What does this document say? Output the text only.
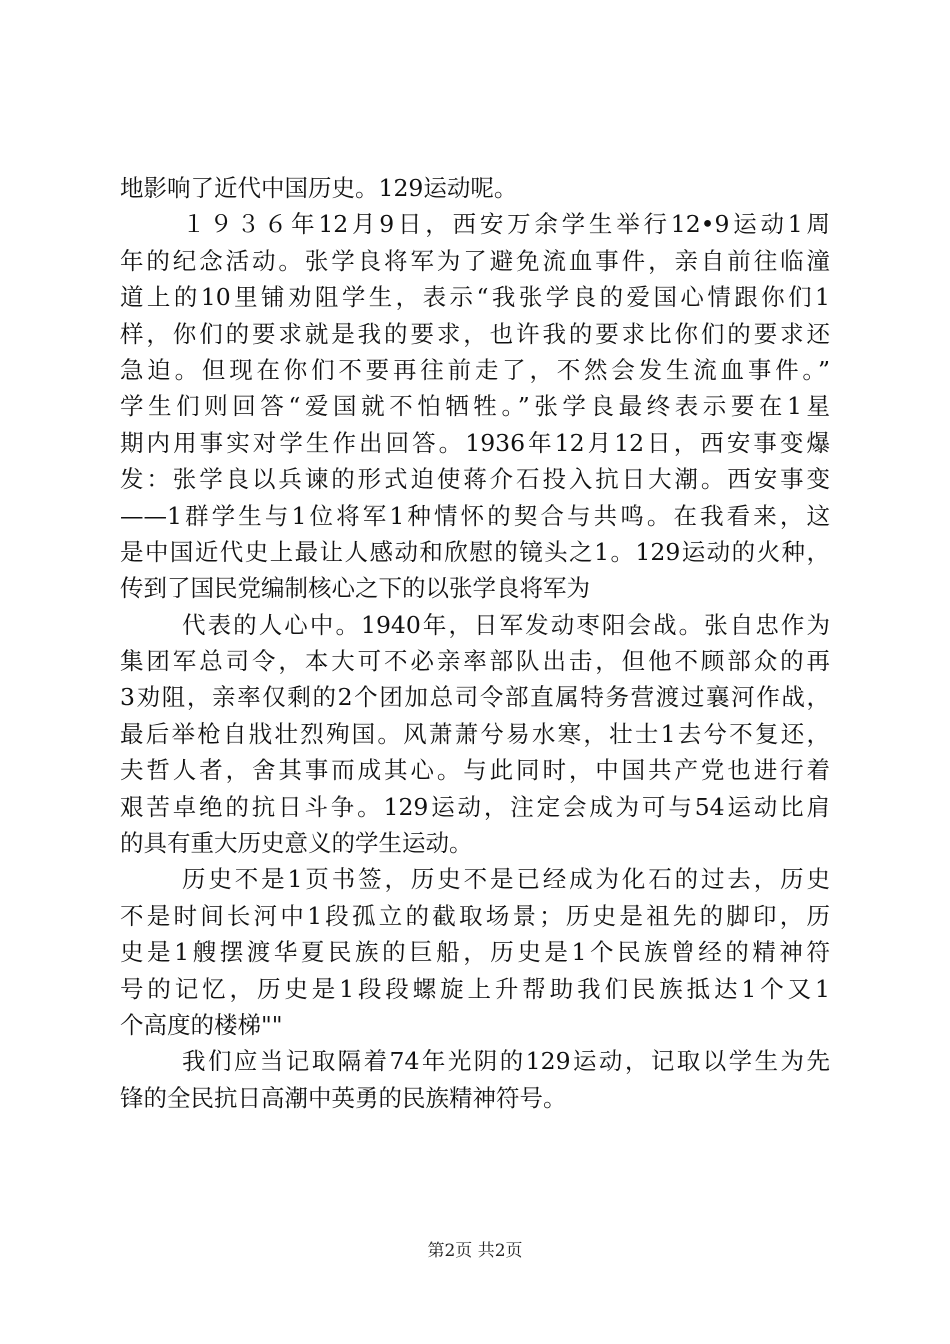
地影响了近代中国历史。129运动呢。
１９３６年12月9日，西安万余学生举行12•9运动1周
年的纪念活动。张学良将军为了避免流血事件，亲自前往临潼
道上的10里铺劝阻学生，表示“我张学良的爱国心情跟你们1
样，你们的要求就是我的要求，也许我的要求比你们的要求还
急迫。但现在你们不要再往前走了，不然会发生流血事件。”
学生们则回答“爱国就不怕牺牲。”张学良最终表示要在1星
期内用事实对学生作出回答。1936年12月12日，西安事变爆
发：张学良以兵谏的形式迫使蒋介石投入抗日大潮。西安事变
——1群学生与1位将军1种情怀的契合与共鸣。在我看来，这
是中国近代史上最让人感动和欣慰的镜头之1。129运动的火种，
传到了国民党编制核心之下的以张学良将军为
代表的人心中。1940年，日军发动枣阳会战。张自忠作为
集团军总司令，本大可不必亲率部队出击，但他不顾部众的再
3劝阻，亲率仅剩的2个团加总司令部直属特务营渡过襄河作战，
最后举枪自戕壮烈殉国。风萧萧兮易水寒，壮士1去兮不复还，
夫哲人者，舍其事而成其心。与此同时，中国共产党也进行着
艰苦卓绝的抗日斗争。129运动，注定会成为可与54运动比肩
的具有重大历史意义的学生运动。
历史不是1页书签，历史不是已经成为化石的过去，历史
不是时间长河中1段孤立的截取场景；历史是祖先的脚印，历
史是1艘摆渡华夏民族的巨船，历史是1个民族曾经的精神符
号的记忆，历史是1段段螺旋上升帮助我们民族抵达1个又1
个高度的楼梯""
我们应当记取隔着74年光阴的129运动，记取以学生为先
锋的全民抗日高潮中英勇的民族精神符号。
第2页 共2页
